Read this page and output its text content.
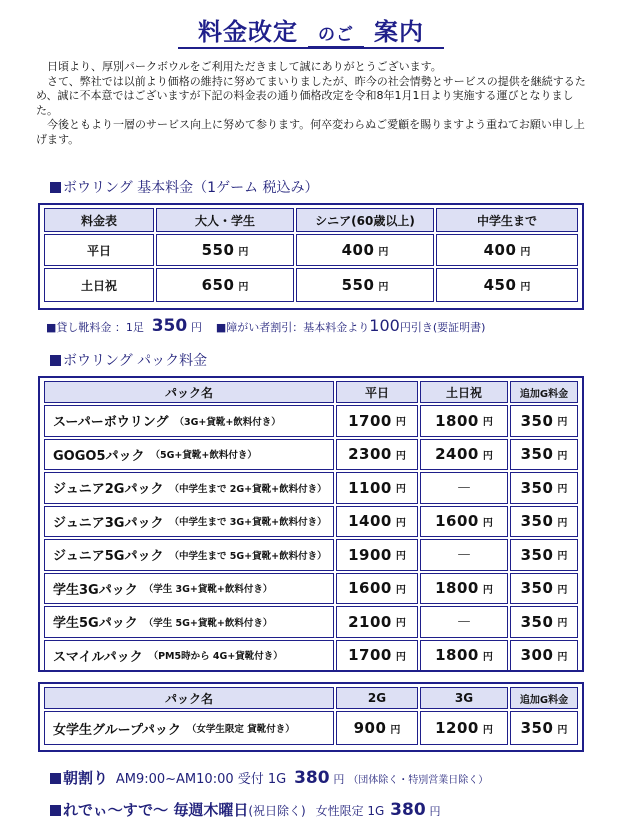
料金改定 のご 案内

日頃より、厚別パークボウルをご利用ただきまして誠にありがとうございます。

さて、弊社では以前より価格の維持に努めてまいりましたが、昨今の社会情勢とサービスの提供を継続するため、誠に不本意ではございますが下記の料金表の通り価格改定を令和8年1月1日より実施する運びとなりました。

今後ともより一層のサービス向上に努めて参ります。何卒変わらぬご愛顧を賜りますよう重ねてお願い申し上げます。

ボウリング 基本料金（1ゲーム 税込み）
料金表	大人・学生	シニア(60歳以上)	中学生まで
平日	550 円	400 円	400 円
土日祝	650 円	550 円	450 円
■貸し靴料金 ：1足 350 円 ■障がい者割引：基本料金より100円引き(要証明書)
ボウリング パック料金
パック名	平日	土日祝	追加G料金
スーパーボウリング （3G+貸靴+飲料付き）	1700 円 1800 円 350 円
GOGO5パック （5G+貸靴+飲料付き）	2300 円 2400 円 350 円
ジュニア2Gパック （中学生まで 2G+貸靴+飲料付き） 1100 円	—	350 円
ジュニア3Gパック （中学生まで 3G+貸靴+飲料付き） 1400 円 1600 円 350 円
ジュニア5Gパック （中学生まで 5G+貸靴+飲料付き） 1900 円	—	350 円
学生3Gパック （学生 3G+貸靴+飲料付き）	1600 円 1800 円 350 円
学生5Gパック （学生 5G+貸靴+飲料付き）	2100 円	—	350 円
スマイルパック （PM5時から 4G+貸靴付き）	1700 円 1800 円 300 円
パック名	2G	3G	追加G料金
女学生グループパック （女学生限定 貸靴付き）	900 円 1200 円 350 円
朝割り AM9:00~AM10:00 受付 1G 380 円 （団体除く・特別営業日除く）
れでぃ～すで～ 毎週木曜日(祝日除く) 女性限定 1G 380 円
